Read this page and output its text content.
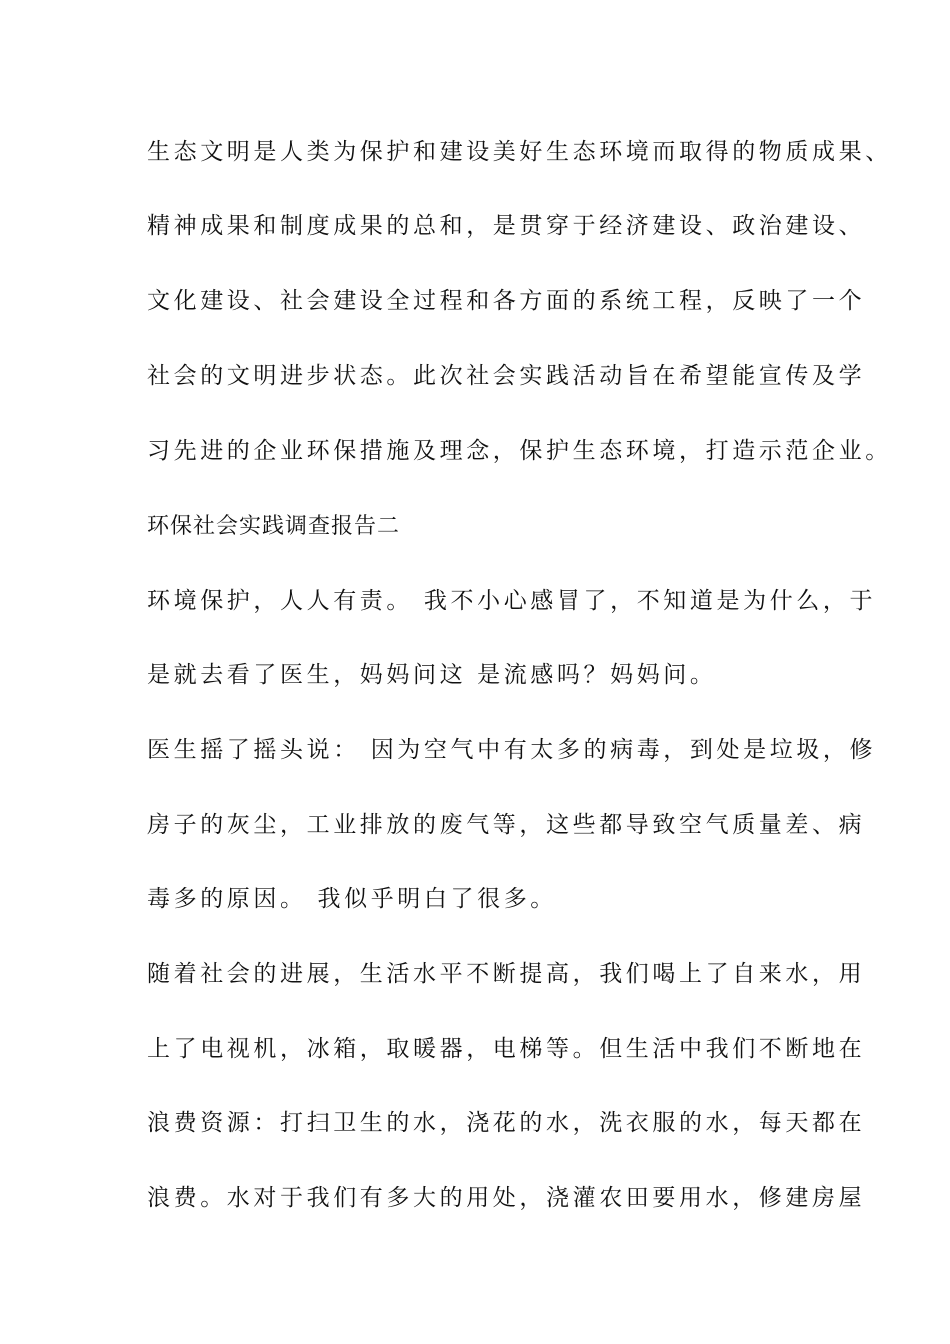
生态文明是人类为保护和建设美好生态环境而取得的物质成果、
精神成果和制度成果的总和，是贯穿于经济建设、政治建设、
文化建设、社会建设全过程和各方面的系统工程，反映了一个
社会的文明进步状态。此次社会实践活动旨在希望能宣传及学
习先进的企业环保措施及理念，保护生态环境，打造示范企业。
环保社会实践调查报告二
环境保护，人人有责。 我不小心感冒了，不知道是为什么，于
是就去看了医生，妈妈问这 是流感吗？妈妈问。
医生摇了摇头说： 因为空气中有太多的病毒，到处是垃圾，修
房子的灰尘，工业排放的废气等，这些都导致空气质量差、病
毒多的原因。 我似乎明白了很多。
随着社会的进展，生活水平不断提高，我们喝上了自来水，用
上了电视机，冰箱，取暖器，电梯等。但生活中我们不断地在
浪费资源：打扫卫生的水，浇花的水，洗衣服的水，每天都在
浪费。水对于我们有多大的用处，浇灌农田要用水，修建房屋
